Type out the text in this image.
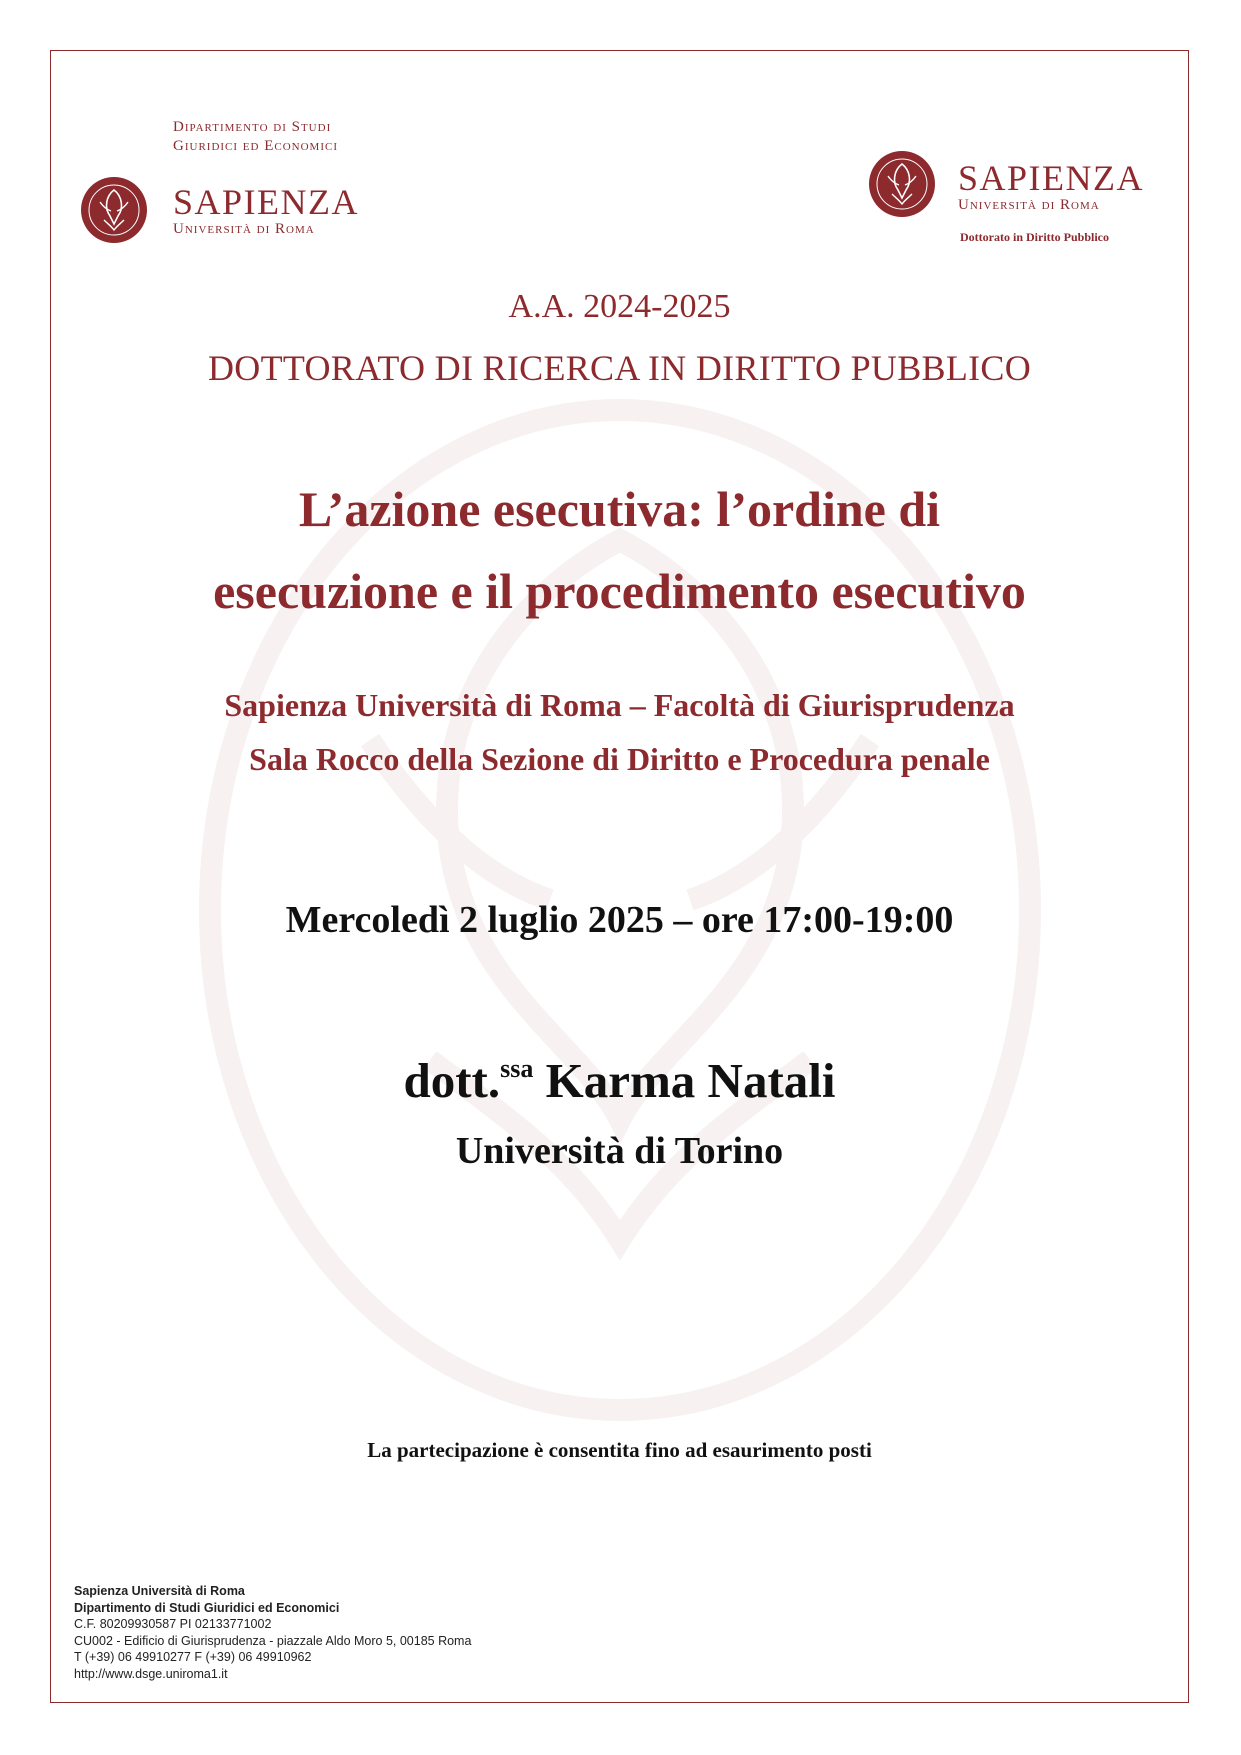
Dipartimento di Studi
Giuridici ed Economici
SAPIENZA
Università di Roma
SAPIENZA
Università di Roma
Dottorato in Diritto Pubblico
A.A. 2024-2025
DOTTORATO DI RICERCA IN DIRITTO PUBBLICO
L’azione esecutiva: l’ordine di
esecuzione e il procedimento esecutivo
Sapienza Università di Roma – Facoltà di Giurisprudenza
Sala Rocco della Sezione di Diritto e Procedura penale
Mercoledì 2 luglio 2025 – ore 17:00-19:00
dott.$^{ssa}$ Karma Natali
Università di Torino
La partecipazione è consentita fino ad esaurimento posti
Sapienza Università di Roma
Dipartimento di Studi Giuridici ed Economici
C.F. 80209930587 PI 02133771002
CU002 - Edificio di Giurisprudenza - piazzale Aldo Moro 5, 00185 Roma
T (+39) 06 49910277 F (+39) 06 49910962
http://www.dsge.uniroma1.it
